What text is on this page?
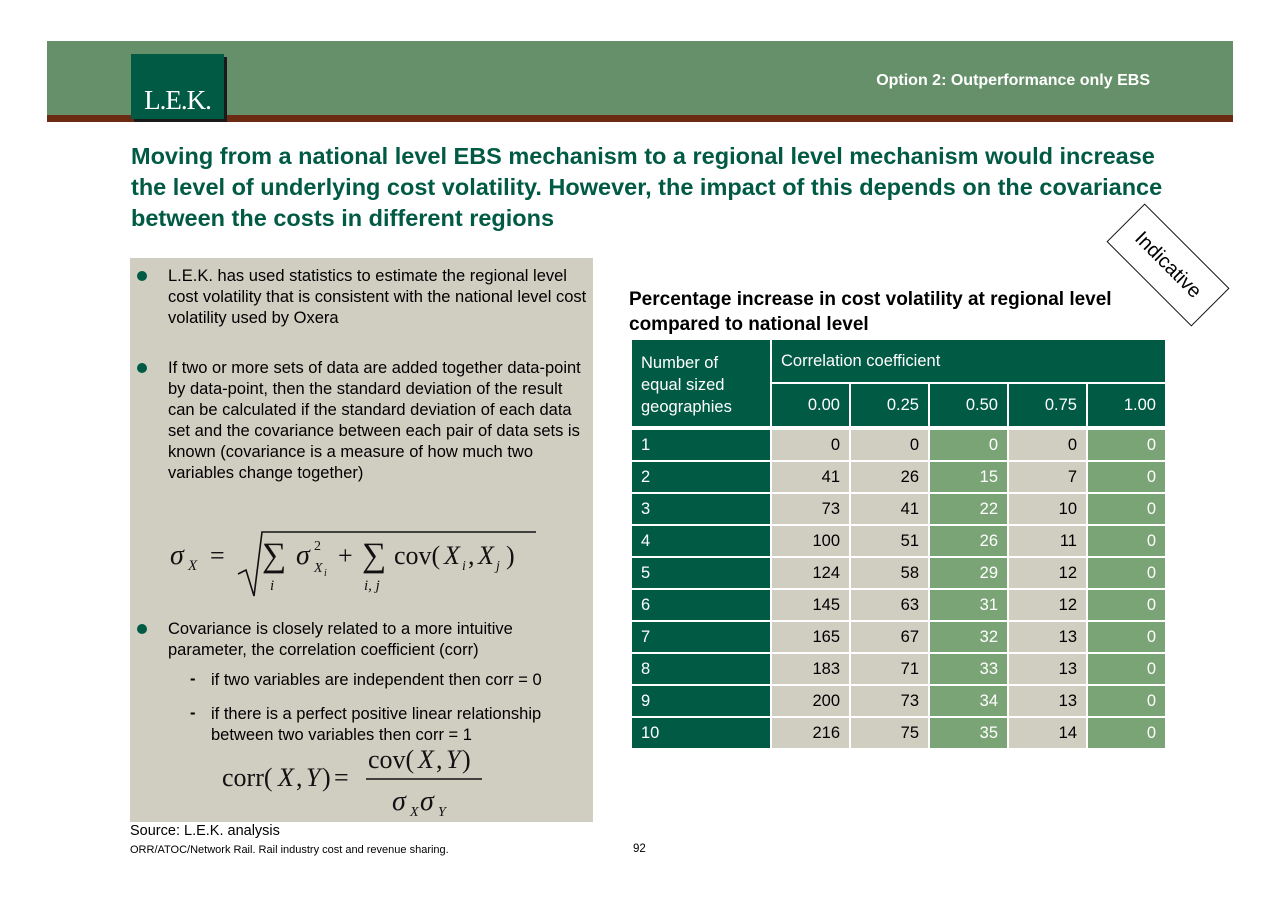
L.E.K.
Option 2: Outperformance only EBS

Moving from a national level EBS mechanism to a regional level mechanism would increase the level of underlying cost volatility. However, the impact of this depends on the covariance between the costs in different regions

L.E.K. has used statistics to estimate the regional level cost volatility that is consistent with the national level cost volatility used by Oxera

If two or more sets of data are added together data-point by data-point, then the standard deviation of the result can be calculated if the standard deviation of each data set and the covariance between each pair of data sets is known (covariance is a measure of how much two variables change together)

σ X = ∑
i
σ 2
X i
+ ∑
i, j
cov( X i , X j )

Covariance is closely related to a more intuitive parameter, the correlation coefficient (corr)

- if two variables are independent then corr = 0

- if there is a perfect positive linear relationship between two variables then corr = 1

corr( X , Y ) =
cov( X , Y )
σ X σ Y
Indicative

Percentage increase in cost volatility at regional level compared to national level

Number of equal sized geographies	Correlation coefficient				
	0.00	0.25	0.50	0.75	1.00
1	0	0	0	0	0
2	41	26	15	7	0
3	73	41	22	10	0
4	100	51	26	11	0
5	124	58	29	12	0
6	145	63	31	12	0
7	165	67	32	13	0
8	183	71	33	13	0
9	200	73	34	13	0
10	216	75	35	14	0

Source: L.E.K. analysis

ORR/ATOC/Network Rail. Rail industry cost and revenue sharing.	92
